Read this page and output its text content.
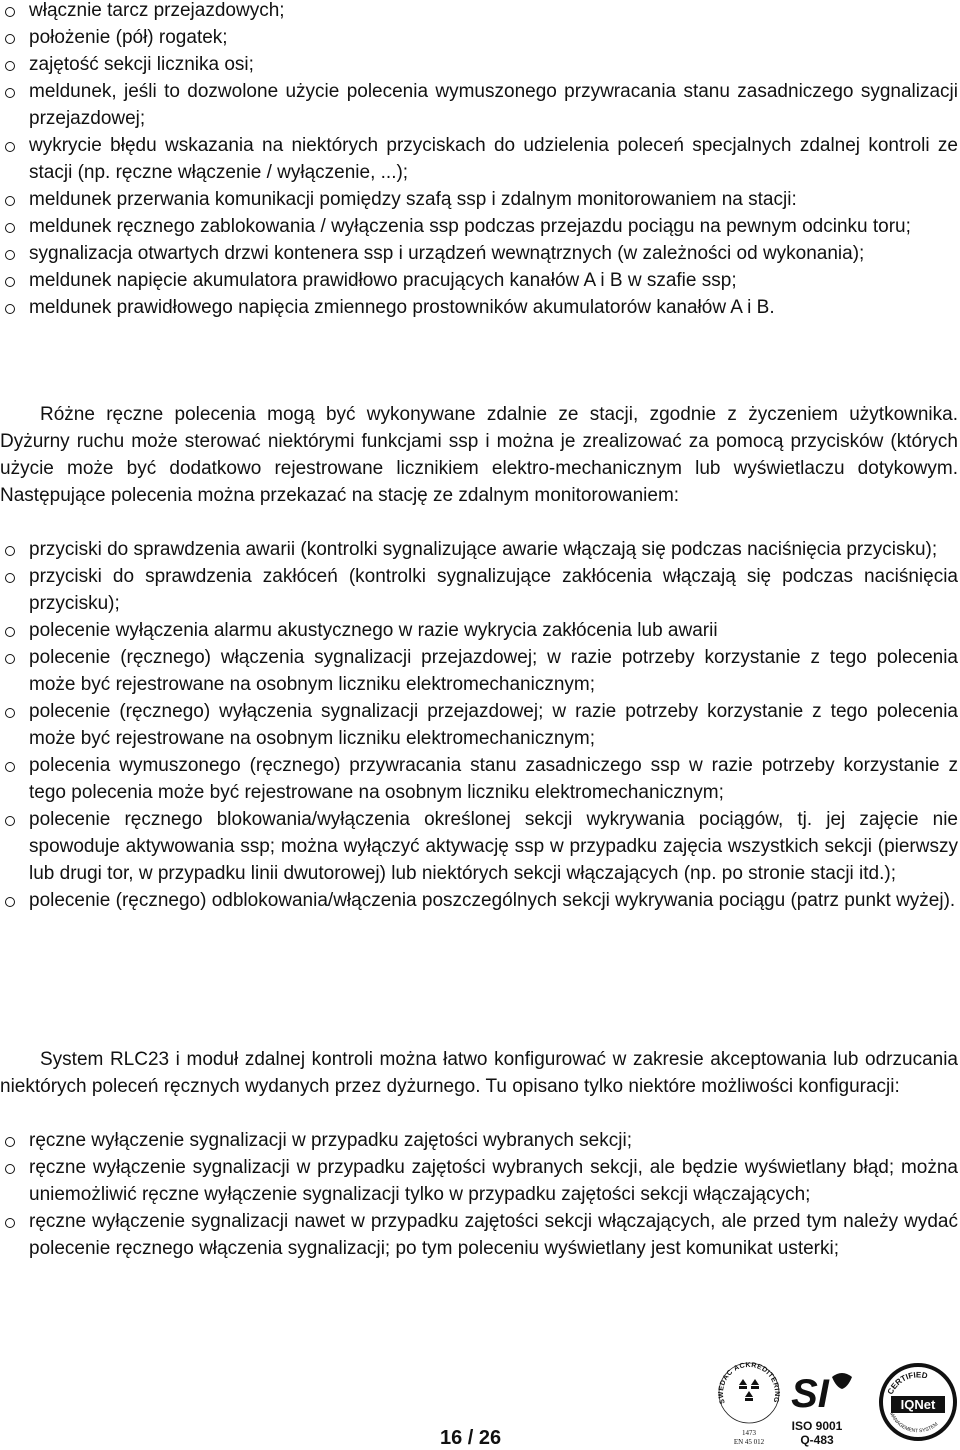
włącznie tarcz przejazdowych;
położenie (pół) rogatek;
zajętość sekcji licznika osi;
meldunek, jeśli to dozwolone użycie polecenia wymuszonego przywracania stanu zasadniczego sygnalizacji przejazdowej;
wykrycie błędu wskazania na niektórych przyciskach do udzielenia poleceń specjalnych zdalnej kontroli ze stacji (np. ręczne włączenie / wyłączenie, ...);
meldunek przerwania komunikacji pomiędzy szafą ssp i zdalnym monitorowaniem na stacji:
meldunek ręcznego zablokowania / wyłączenia ssp podczas przejazdu pociągu na pewnym odcinku toru;
sygnalizacja otwartych drzwi kontenera ssp i urządzeń wewnątrznych (w zależności od wykonania);
meldunek napięcie akumulatora prawidłowo pracujących kanałów A i B w szafie ssp;
meldunek prawidłowego napięcia zmiennego prostowników akumulatorów kanałów A i B.

Różne ręczne polecenia mogą być wykonywane zdalnie ze stacji, zgodnie z życzeniem użytkownika. Dyżurny ruchu może sterować niektórymi funkcjami ssp i można je zrealizować za pomocą przycisków (których użycie może być dodatkowo rejestrowane licznikiem elektro-mechanicznym lub wyświetlaczu dotykowym. Następujące polecenia można przekazać na stację ze zdalnym monitorowaniem:

przyciski do sprawdzenia awarii (kontrolki sygnalizujące awarie włączają się podczas naciśnięcia przycisku);
przyciski do sprawdzenia zakłóceń (kontrolki sygnalizujące zakłócenia włączają się podczas naciśnięcia przycisku);
polecenie wyłączenia alarmu akustycznego w razie wykrycia zakłócenia lub awarii
polecenie (ręcznego) włączenia sygnalizacji przejazdowej; w razie potrzeby korzystanie z tego polecenia może być rejestrowane na osobnym liczniku elektromechanicznym;
polecenie (ręcznego) wyłączenia sygnalizacji przejazdowej; w razie potrzeby korzystanie z tego polecenia może być rejestrowane na osobnym liczniku elektromechanicznym;
polecenia wymuszonego (ręcznego) przywracania stanu zasadniczego ssp w razie potrzeby korzystanie z tego polecenia może być rejestrowane na osobnym liczniku elektromechanicznym;
polecenie ręcznego blokowania/wyłączenia określonej sekcji wykrywania pociągów, tj. jej zajęcie nie spowoduje aktywowania ssp; można wyłączyć aktywację ssp w przypadku zajęcia wszystkich sekcji (pierwszy lub drugi tor, w przypadku linii dwutorowej) lub niektórych sekcji włączających (np. po stronie stacji itd.);
polecenie (ręcznego) odblokowania/włączenia poszczególnych sekcji wykrywania pociągu (patrz punkt wyżej).

System RLC23 i moduł zdalnej kontroli można łatwo konfigurować w zakresie akceptowania lub odrzucania niektórych poleceń ręcznych wydanych przez dyżurnego. Tu opisano tylko niektóre możliwości konfiguracji:

ręczne wyłączenie sygnalizacji w przypadku zajętości wybranych sekcji;
ręczne wyłączenie sygnalizacji w przypadku zajętości wybranych sekcji, ale będzie wyświetlany błąd; można uniemożliwić ręczne wyłączenie sygnalizacji tylko w przypadku zajętości sekcji włączających;
ręczne wyłączenie sygnalizacji nawet w przypadku zajętości sekcji włączających, ale przed tym należy wydać polecenie ręcznego włączenia sygnalizacji; po tym poleceniu wyświetlany jest komunikat usterki;
16 / 26
SWEDAC ACKREDITERING
1473
EN 45 012
SI
ISO 9001
Q-483
CERTIFIED
IQNet
MANAGEMENT SYSTEM
